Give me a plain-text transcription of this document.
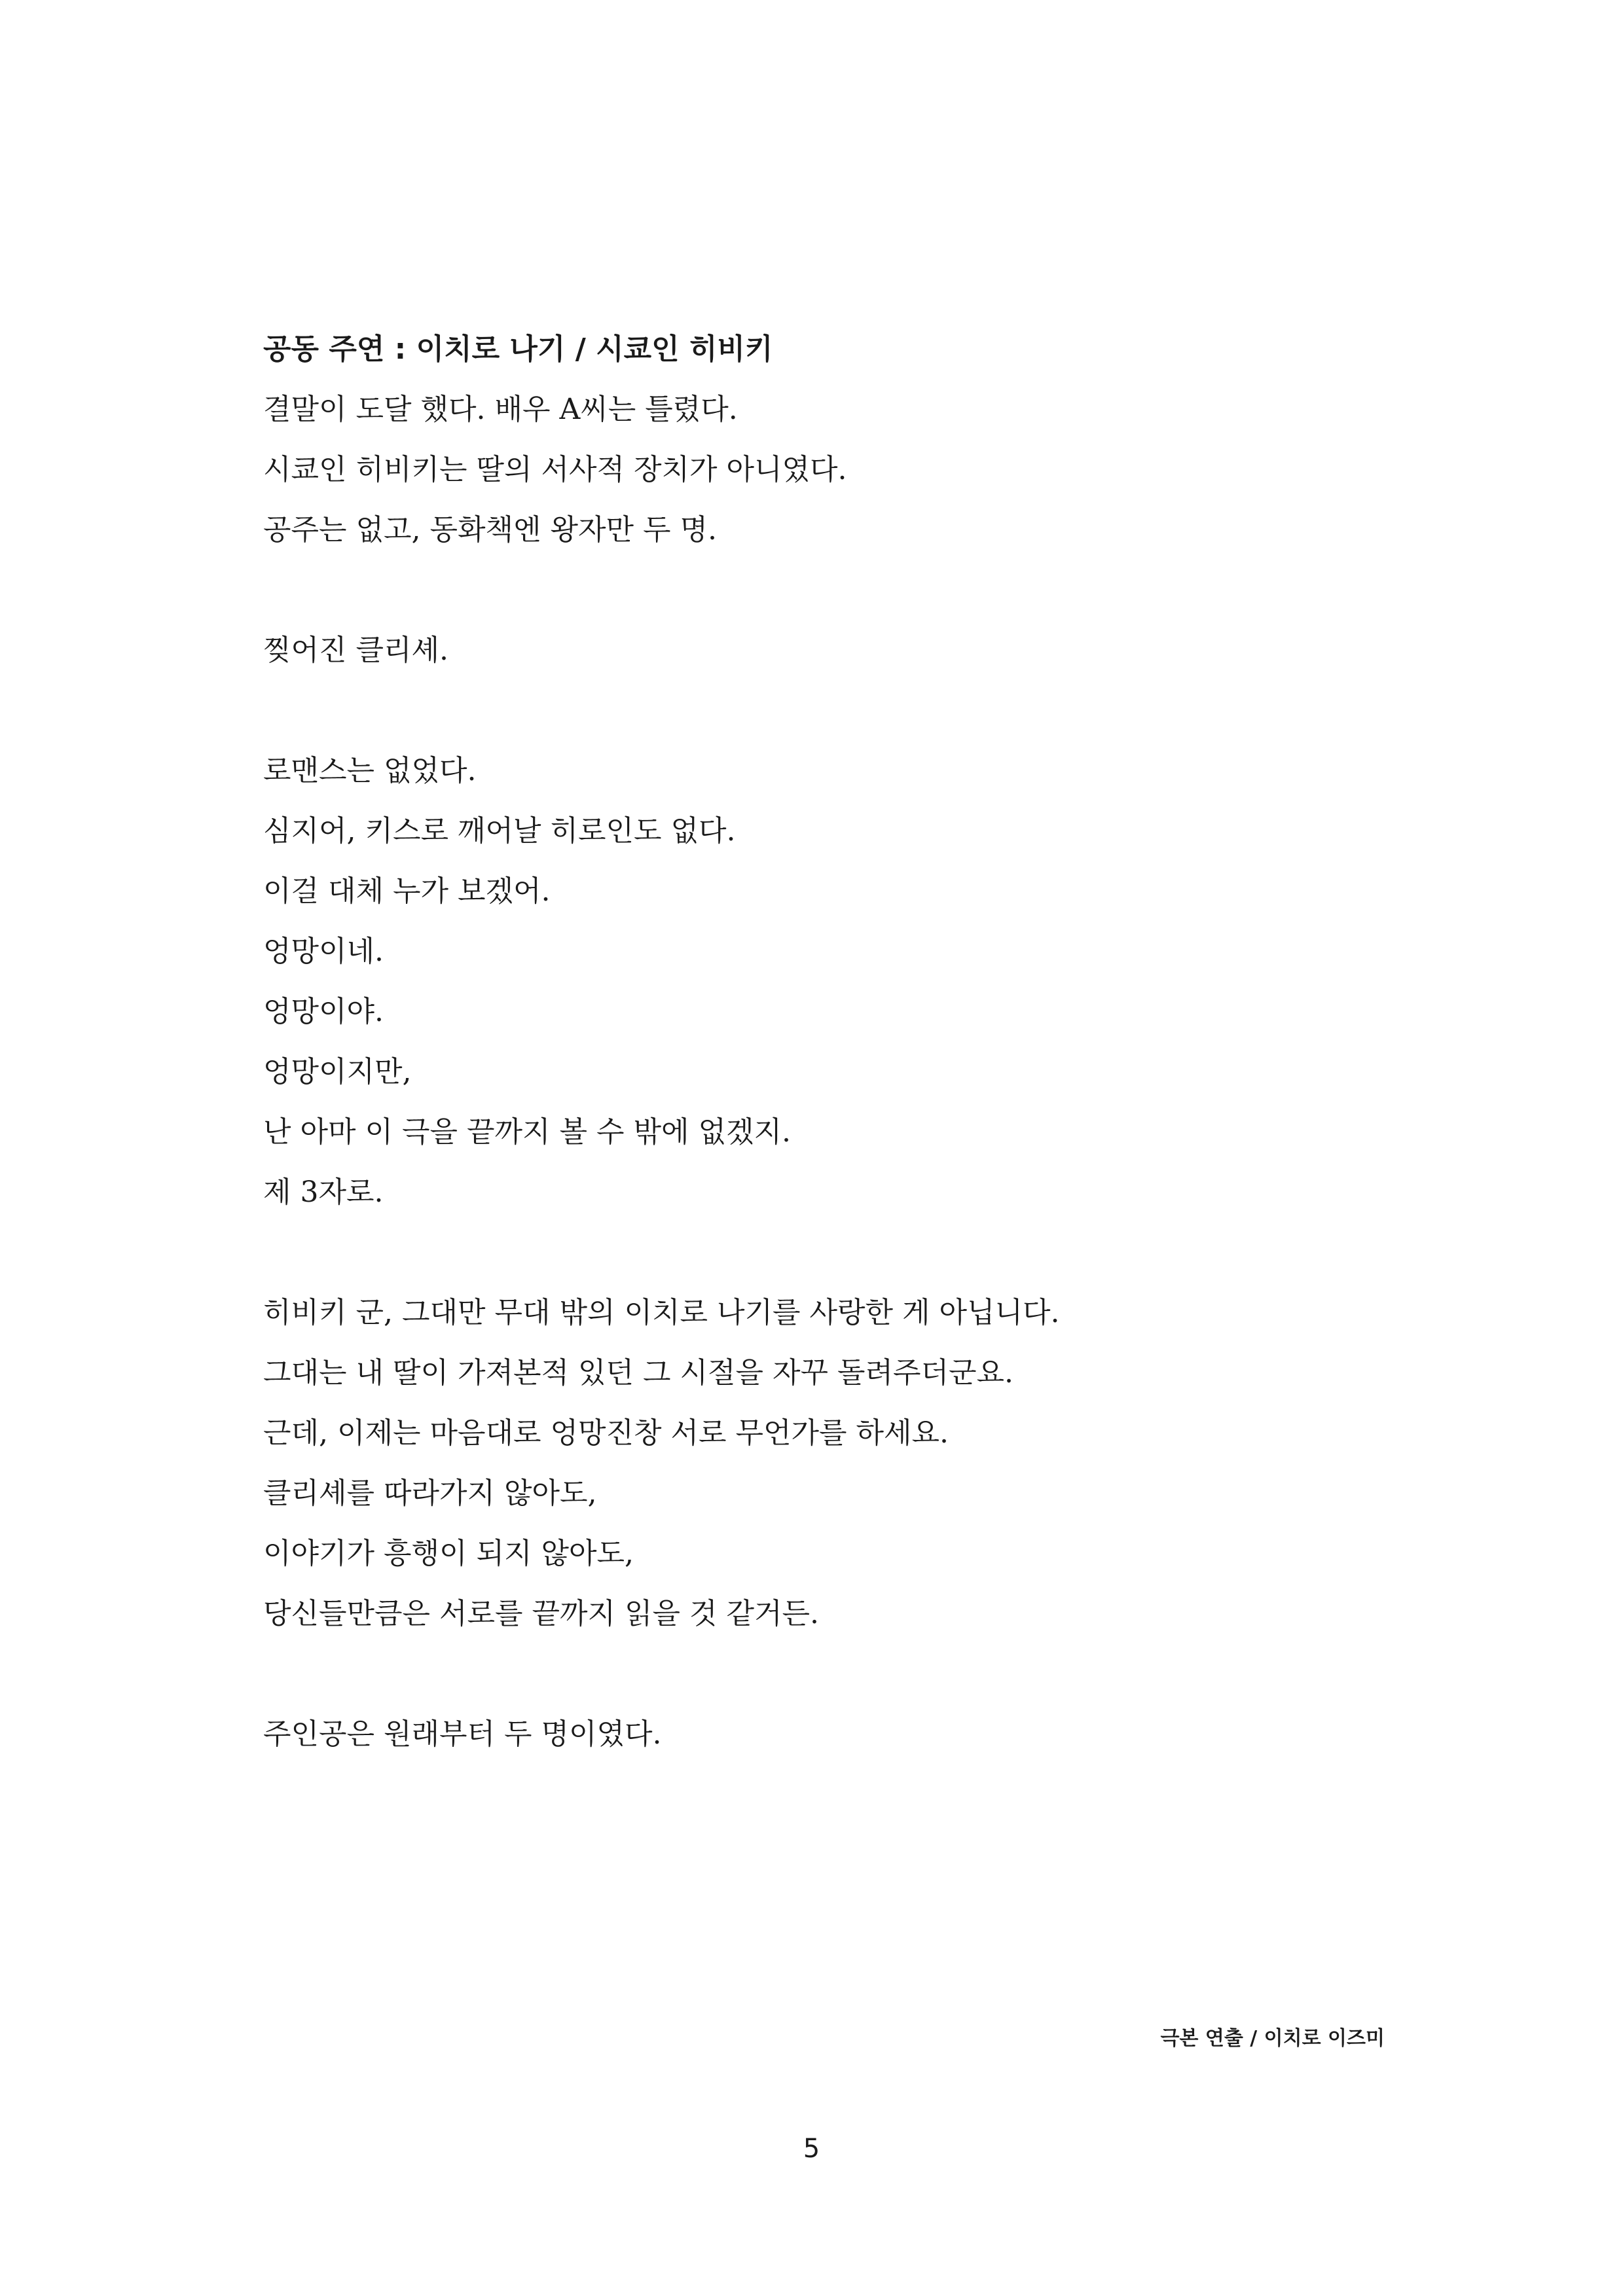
공동 주연 : 이치로 나기 / 시쿄인 히비키
결말이 도달 했다. 배우 A씨는 틀렸다.
시쿄인 히비키는 딸의 서사적 장치가 아니였다.
공주는 없고, 동화책엔 왕자만 두 명.
찢어진 클리셰.
로맨스는 없었다.
심지어, 키스로 깨어날 히로인도 없다.
이걸 대체 누가 보겠어.
엉망이네.
엉망이야.
엉망이지만,
난 아마 이 극을 끝까지 볼 수 밖에 없겠지.
제 3자로.
히비키 군, 그대만 무대 밖의 이치로 나기를 사랑한 게 아닙니다.
그대는 내 딸이 가져본적 있던 그 시절을 자꾸 돌려주더군요.
근데, 이제는 마음대로 엉망진창 서로 무언가를 하세요.
클리셰를 따라가지 않아도,
이야기가 흥행이 되지 않아도,
당신들만큼은 서로를 끝까지 읽을 것 같거든.
주인공은 원래부터 두 명이였다.
극본 연출 / 이치로 이즈미
5
